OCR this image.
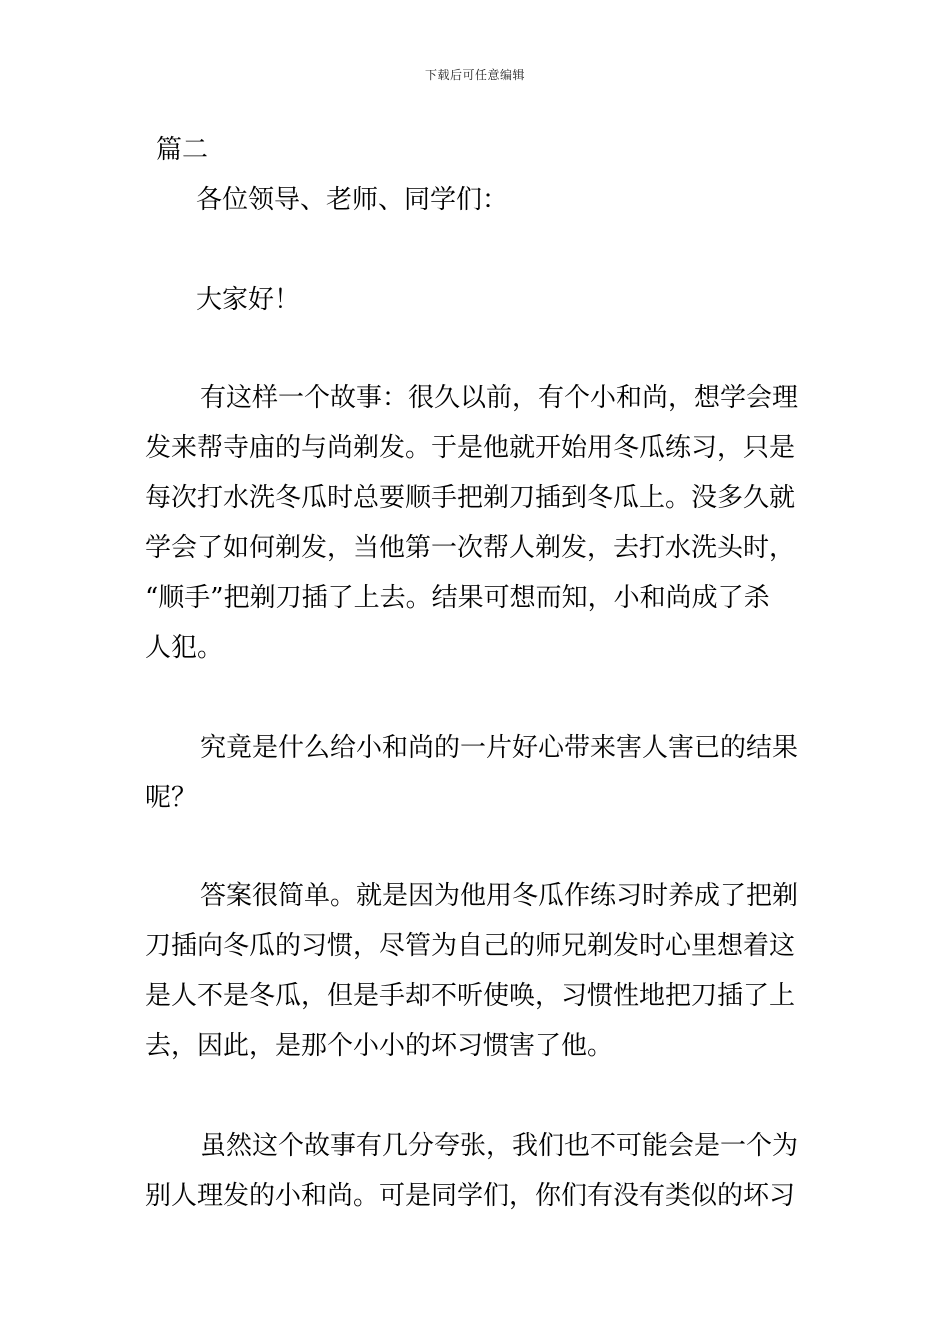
下载后可任意编辑
篇二
各位领导、老师、同学们：
大家好！
有这样一个故事：很久以前，有个小和尚，想学会理
发来帮寺庙的与尚剃发。于是他就开始用冬瓜练习，只是
每次打水洗冬瓜时总要顺手把剃刀插到冬瓜上。没多久就
学会了如何剃发，当他第一次帮人剃发，去打水洗头时，
“顺手”把剃刀插了上去。结果可想而知，小和尚成了杀
人犯。
究竟是什么给小和尚的一片好心带来害人害已的结果
呢？
答案很简单。就是因为他用冬瓜作练习时养成了把剃
刀插向冬瓜的习惯，尽管为自己的师兄剃发时心里想着这
是人不是冬瓜，但是手却不听使唤，习惯性地把刀插了上
去，因此，是那个小小的坏习惯害了他。
虽然这个故事有几分夸张，我们也不可能会是一个为
别人理发的小和尚。可是同学们，你们有没有类似的坏习
